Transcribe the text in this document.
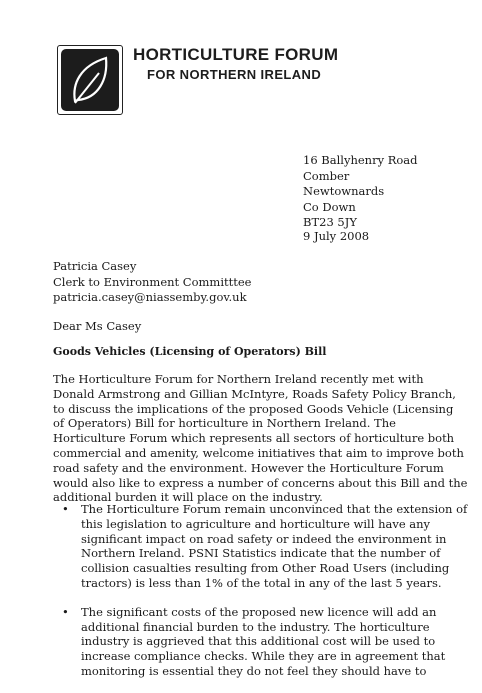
HORTICULTURE FORUM
FOR NORTHERN IRELAND
16 Ballyhenry Road
Comber
Newtownards
Co Down
BT23 5JY
9 July 2008
Patricia Casey
Clerk to Environment Committtee
patricia.casey@niassemby.gov.uk
Dear Ms Casey
Goods Vehicles (Licensing of Operators) Bill

The Horticulture Forum for Northern Ireland recently met with Donald Armstrong and Gillian McIntyre, Roads Safety Policy Branch, to discuss the implications of the proposed Goods Vehicle (Licensing of Operators) Bill for horticulture in Northern Ireland. The Horticulture Forum which represents all sectors of horticulture both commercial and amenity, welcome initiatives that aim to improve both road safety and the environment. However the Horticulture Forum would also like to express a number of concerns about this Bill and the additional burden it will place on the industry.

• The Horticulture Forum remain unconvinced that the extension of this legislation to agriculture and horticulture will have any significant impact on road safety or indeed the environment in Northern Ireland. PSNI Statistics indicate that the number of collision casualties resulting from Other Road Users (including tractors) is less than 1% of the total in any of the last 5 years.
• The significant costs of the proposed new licence will add an additional financial burden to the industry. The horticulture industry is aggrieved that this additional cost will be used to increase compliance checks. While they are in agreement that monitoring is essential they do not feel they should have to
